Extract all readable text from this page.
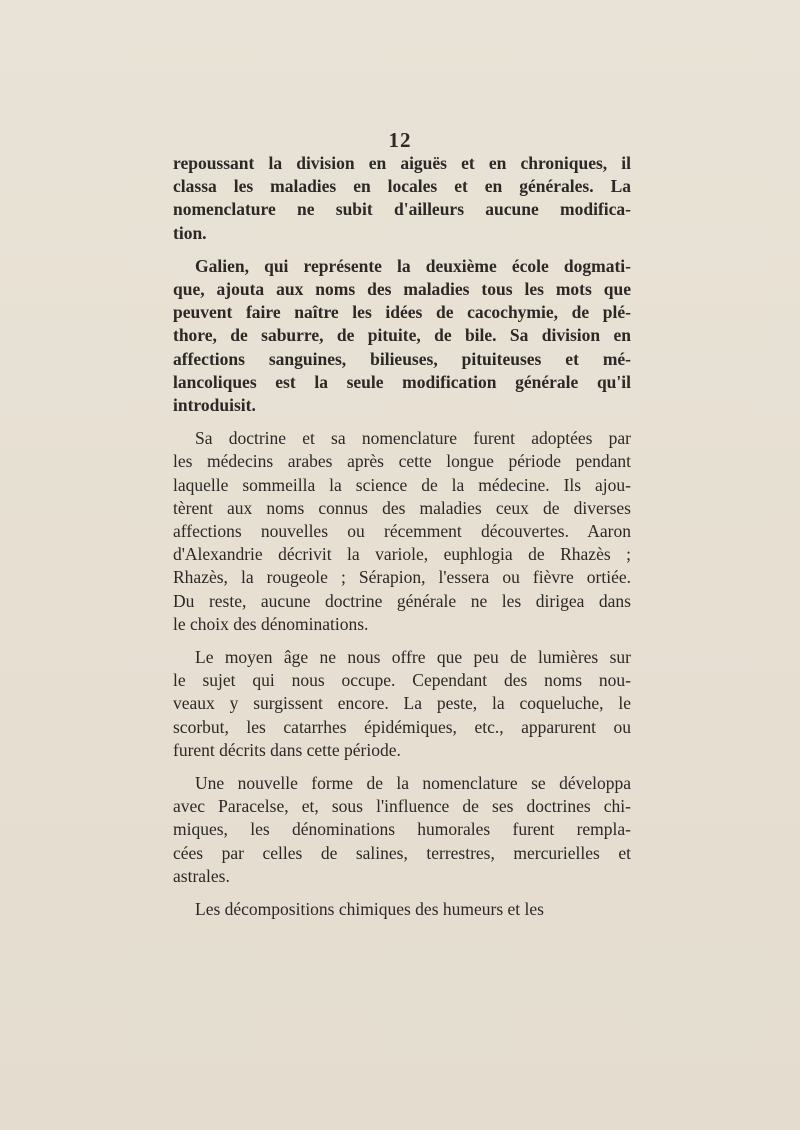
12
repoussant la division en aiguës et en chroniques, il
classa les maladies en locales et en générales. La
nomenclature ne subit d'ailleurs aucune modifica-
tion.
Galien, qui représente la deuxième école dogmati-
que, ajouta aux noms des maladies tous les mots que
peuvent faire naître les idées de cacochymie, de plé-
thore, de saburre, de pituite, de bile. Sa division en
affections sanguines, bilieuses, pituiteuses et mé-
lancoliques est la seule modification générale qu'il
introduisit.
Sa doctrine et sa nomenclature furent adoptées par
les médecins arabes après cette longue période pendant
laquelle sommeilla la science de la médecine. Ils ajou-
tèrent aux noms connus des maladies ceux de diverses
affections nouvelles ou récemment découvertes. Aaron
d'Alexandrie décrivit la variole, euphlogia de Rhazès ;
Rhazès, la rougeole ; Sérapion, l'essera ou fièvre ortiée.
Du reste, aucune doctrine générale ne les dirigea dans
le choix des dénominations.
Le moyen âge ne nous offre que peu de lumières sur
le sujet qui nous occupe. Cependant des noms nou-
veaux y surgissent encore. La peste, la coqueluche, le
scorbut, les catarrhes épidémiques, etc., apparurent ou
furent décrits dans cette période.
Une nouvelle forme de la nomenclature se développa
avec Paracelse, et, sous l'influence de ses doctrines chi-
miques, les dénominations humorales furent rempla-
cées par celles de salines, terrestres, mercurielles et
astrales.
Les décompositions chimiques des humeurs et les
